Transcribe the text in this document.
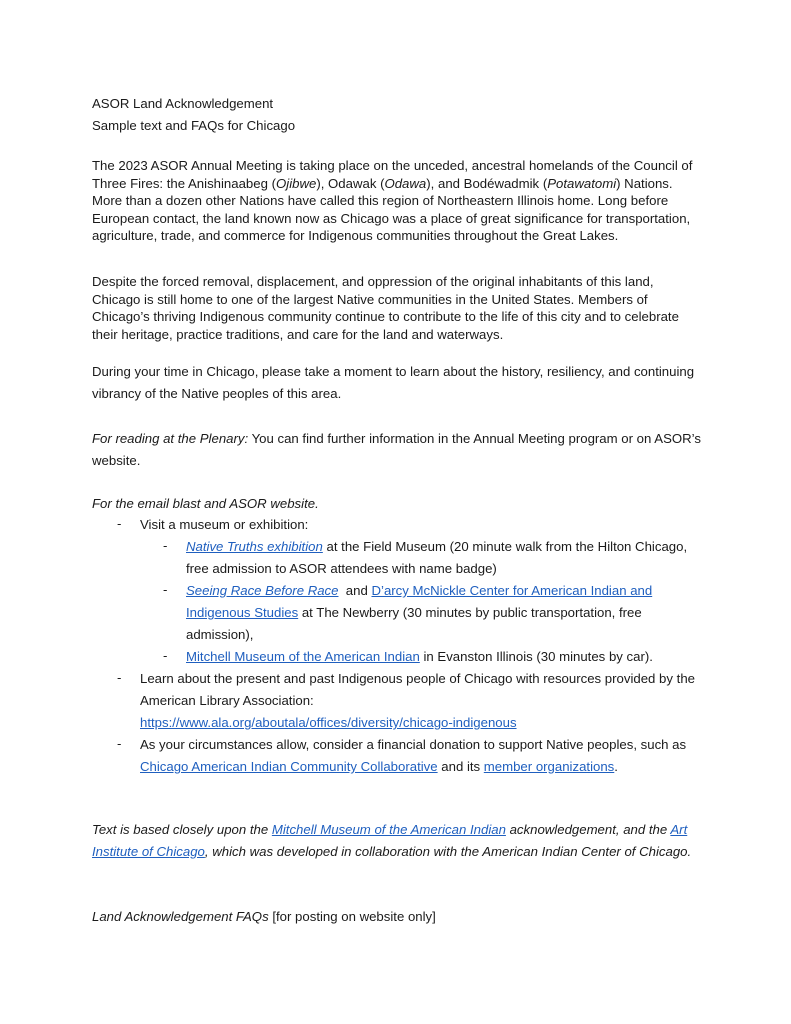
ASOR Land Acknowledgement
Sample text and FAQs for Chicago

The 2023 ASOR Annual Meeting is taking place on the unceded, ancestral homelands of the Council of Three Fires: the Anishinaabeg (Ojibwe), Odawak (Odawa), and Bodéwadmik (Potawatomi) Nations. More than a dozen other Nations have called this region of Northeastern Illinois home. Long before European contact, the land known now as Chicago was a place of great significance for transportation, agriculture, trade, and commerce for Indigenous communities throughout the Great Lakes.

Despite the forced removal, displacement, and oppression of the original inhabitants of this land, Chicago is still home to one of the largest Native communities in the United States. Members of Chicago’s thriving Indigenous community continue to contribute to the life of this city and to celebrate their heritage, practice traditions, and care for the land and waterways.

During your time in Chicago, please take a moment to learn about the history, resiliency, and continuing vibrancy of the Native peoples of this area.

For reading at the Plenary: You can find further information in the Annual Meeting program or on ASOR’s website.

For the email blast and ASOR website.

- Visit a museum or exhibition:

- Native Truths exhibition at the Field Museum (20 minute walk from the Hilton Chicago, free admission to ASOR attendees with name badge)

- Seeing Race Before Race  and D’arcy McNickle Center for American Indian and Indigenous Studies at The Newberry (30 minutes by public transportation, free admission),

- Mitchell Museum of the American Indian in Evanston Illinois (30 minutes by car).

- Learn about the present and past Indigenous people of Chicago with resources provided by the American Library Association:
https://www.ala.org/aboutala/offices/diversity/chicago-indigenous

- As your circumstances allow, consider a financial donation to support Native peoples, such as Chicago American Indian Community Collaborative and its member organizations.

Text is based closely upon the Mitchell Museum of the American Indian acknowledgement, and the Art Institute of Chicago, which was developed in collaboration with the American Indian Center of Chicago.

Land Acknowledgement FAQs [for posting on website only]
